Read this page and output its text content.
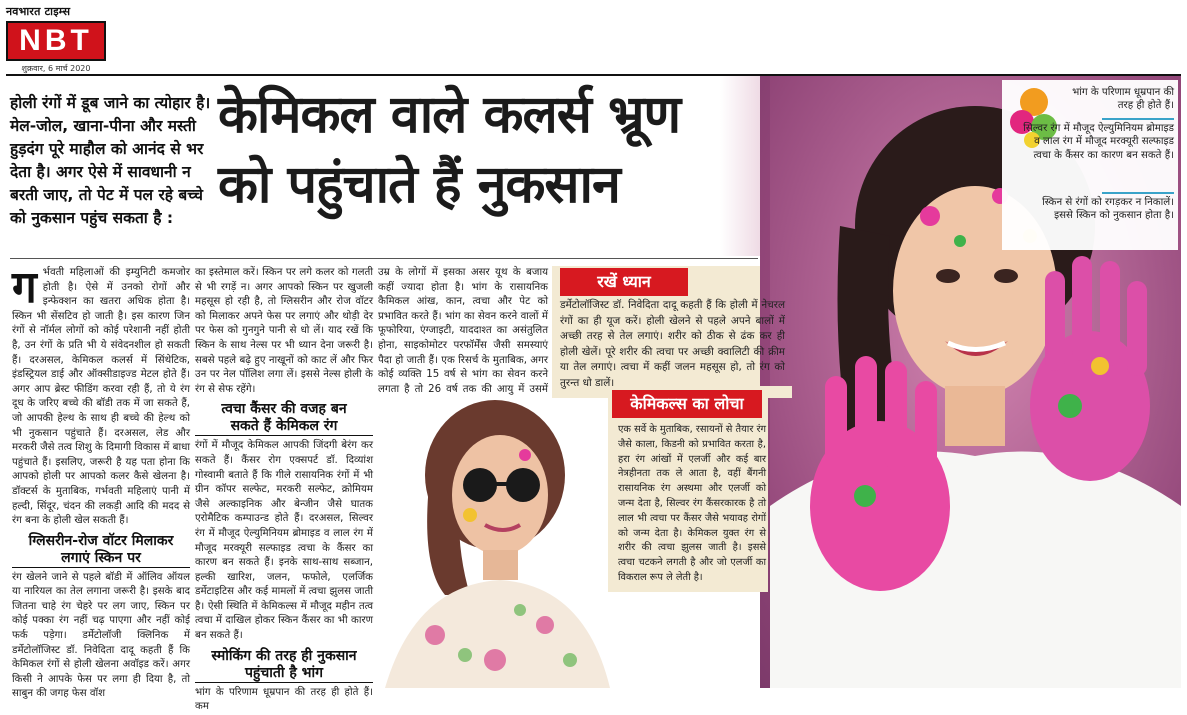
नवभारत टाइम्स
NBT
शुक्रवार, 6 मार्च 2020
भांग के परिणाम धूम्रपान की तरह ही होते हैं।
सिल्वर रंग में मौजूद ऐल्युमिनियम ब्रोमाइड व लाल रंग में मौजूद मरक्यूरी सल्फाइड त्वचा के कैंसर का कारण बन सकते हैं।
स्किन से रंगों को रगड़कर न निकालें। इससे स्किन को नुकसान होता है।
होली रंगों में डूब जाने का त्योहार है। मेल-जोल, खाना-पीना और मस्ती हुड़दंग पूरे माहौल को आनंद से भर देता है। अगर ऐसे में सावधानी न बरती जाए, तो पेट में पल रहे बच्चे को नुकसान पहुंच सकता है :
केमिकल वाले कलर्स भ्रूण
को पहुंचाते हैं नुकसान

गर्भवती महिलाओं की इम्युनिटी कमजोर होती है। ऐसे में उनको रोगों और इन्फेक्शन का खतरा अधिक होता है। स्किन भी सेंसटिव हो जाती है। इस कारण जिन रंगों से नॉर्मल लोगों को कोई परेशानी नहीं होती है, उन रंगों के प्रति भी ये संवेदनशील हो सकती हैं। दरअसल, केमिकल कलर्स में सिंथेटिक, इंडस्ट्रियल डाई और ऑक्सीडाइज्ड मेटल होते हैं। अगर आप ब्रेस्ट फीडिंग करवा रही हैं, तो ये रंग दूध के जरिए बच्चे की बॉडी तक में जा सकते हैं, जो आपकी हेल्थ के साथ ही बच्चे की हेल्थ को भी नुकसान पहुंचाते हैं। दरअसल, लेड और मरकरी जैसे तत्व शिशु के दिमागी विकास में बाधा पहुंचाते हैं। इसलिए, जरूरी है यह पता होना कि आपको होली पर आपको कलर कैसे खेलना है। डॉक्टर्स के मुताबिक, गर्भवती महिलाएं पानी में हल्दी, सिंदूर, चंदन की लकड़ी आदि की मदद से रंग बना के होली खेल सकती हैं।

ग्लिसरीन-रोज वॉटर मिलाकर
लगाएं स्किन पर

रंग खेलने जाने से पहले बॉडी में ऑलिव ऑयल या नारियल का तेल लगाना जरूरी है। इसके बाद जितना चाहे रंग चेहरे पर लग जाए, स्किन पर कोई पक्का रंग नहीं चढ़ पाएगा और नहीं कोई फर्क पड़ेगा। डर्मेटोलॉजी क्लिनिक में डर्मेटोलॉजिस्ट डॉ. निवेदिता दादू कहती हैं कि केमिकल रंगों से होली खेलना अवॉइड करें। अगर किसी ने आपके फेस पर लगा ही दिया है, तो साबुन की जगह फेस वॉश

का इस्तेमाल करें। स्किन पर लगे कलर को गलती से भी रगड़ें न। अगर आपको स्किन पर खुजली महसूस हो रही है, तो ग्लिसरीन और रोज वॉटर को मिलाकर अपने फेस पर लगाएं और थोड़ी देर पर फेस को गुनगुने पानी से धो लें। याद रखें कि स्किन के साथ नेल्स पर भी ध्यान देना जरूरी है। सबसे पहले बढ़े हुए नाखूनों को काट लें और फिर उन पर नेल पॉलिश लगा लें। इससे नेल्स होली के रंग से सेफ रहेंगे।

त्वचा कैंसर की वजह बन
सकते हैं केमिकल रंग

रंगों में मौजूद केमिकल आपकी जिंदगी बेरंग कर सकते हैं। कैंसर रोग एक्सपर्ट डॉ. दिव्यांश गोस्वामी बताते हैं कि गीले रासायनिक रंगों में भी ग्रीन कॉपर सल्फेट, मरकरी सल्फेट, क्रोमियम जैसे अल्काइनिक और बेन्जीन जैसे घातक एरोमैटिक कम्पाउन्ड होते हैं। दरअसल, सिल्वर रंग में मौजूद ऐल्युमिनियम ब्रोमाइड व लाल रंग में मौजूद मरक्यूरी सल्फाइड त्वचा के कैंसर का कारण बन सकते हैं। इनके साथ-साथ सब्जान, हल्की खारिश, जलन, फफोले, एलर्जिक डर्मेटाइटिस और कई मामलों में त्वचा झुलस जाती है। ऐसी स्थिति में केमिकल्स में मौजूद महीन तत्व त्वचा में दाखिल होकर स्किन कैंसर का भी कारण बन सकते हैं।

स्मोकिंग की तरह ही नुकसान
पहुंचाती है भांग

भांग के परिणाम धूम्रपान की तरह ही होते हैं। कम

उम्र के लोगों में इसका असर यूथ के बजाय कहीं ज्यादा होता है। भांग के रासायनिक कैमिकल आंख, कान, त्वचा और पेट को प्रभावित करते हैं। भांग का सेवन करने वालों में फूफोरिया, एंग्जाइटी, याददाश्त का असंतुलित होना, साइकोमोटर परफॉर्मेंस जैसी समस्याएं पैदा हो जाती हैं। एक रिसर्च के मुताबिक, अगर कोई व्यक्ति 15 वर्ष से भांग का सेवन करने लगता है तो 26 वर्ष तक की आयु में उसमें

रखें ध्यान
डर्मेटोलॉजिस्ट डॉ. निवेदिता दादू कहती हैं कि होली में नेचरल रंगों का ही यूज करें। होली खेलने से पहले अपने बालों में अच्छी तरह से तेल लगाएं। शरीर को ठीक से ढंक कर ही होली खेलें। पूरे शरीर की त्वचा पर अच्छी क्वालिटी की क्रीम या तेल लगाएं। त्वचा में कहीं जलन महसूस हो, तो रंग को तुरन्त धो डालें।
केमिकल्स का लोचा
एक सर्वे के मुताबिक, रसायनों से तैयार रंग जैसे काला, किडनी को प्रभावित करता है, हरा रंग आंखों में एलर्जी और कई बार नेत्रहीनता तक ले आता है, वहीं बैंगनी रासायनिक रंग अस्थमा और एलर्जी को जन्म देता है, सिल्वर रंग कैंसरकारक है तो लाल भी त्वचा पर कैंसर जैसे भयावह रोगों को जन्म देता है। केमिकल युक्त रंग से शरीर की त्वचा झुलस जाती है। इससे त्वचा चटकने लगती है और जो एलर्जी का विकराल रूप ले लेती है।
